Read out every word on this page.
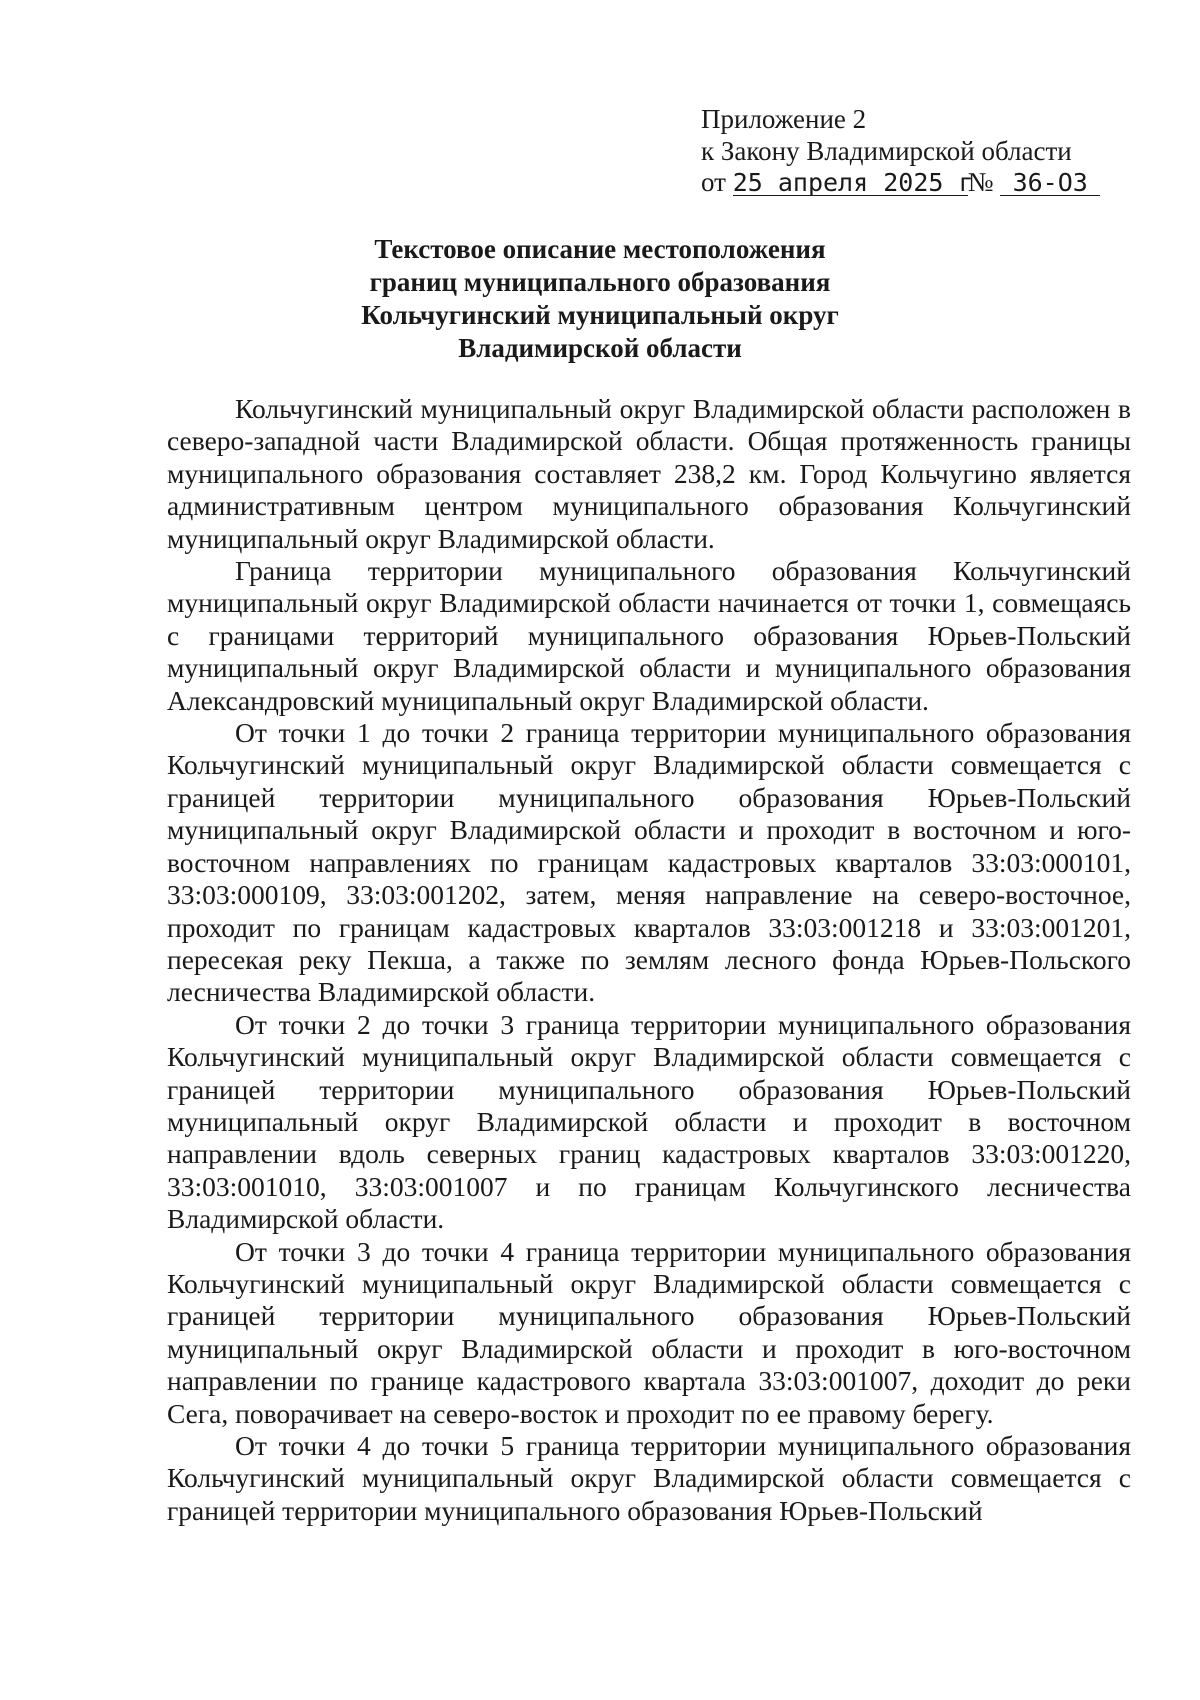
Приложение 2
к Закону Владимирской области
от 25 апреля 2025 г№ 36-ОЗ
Текстовое описание местоположения
границ муниципального образования
Кольчугинский муниципальный округ
Владимирской области

Кольчугинский муниципальный округ Владимирской области расположен в северо-западной части Владимирской области. Общая протяженность границы муниципального образования составляет 238,2 км. Город Кольчугино является административным центром муниципального образования Кольчугинский муниципальный округ Владимирской области.

Граница территории муниципального образования Кольчугинский муниципальный округ Владимирской области начинается от точки 1, совмещаясь с границами территорий муниципального образования Юрьев-Польский муниципальный округ Владимирской области и муниципального образования Александровский муниципальный округ Владимирской области.

От точки 1 до точки 2 граница территории муниципального образования Кольчугинский муниципальный округ Владимирской области совмещается с границей территории муниципального образования Юрьев-Польский муниципальный округ Владимирской области и проходит в восточном и юго-восточном направлениях по границам кадастровых кварталов 33:03:000101, 33:03:000109, 33:03:001202, затем, меняя направление на северо-восточное, проходит по границам кадастровых кварталов 33:03:001218 и 33:03:001201, пересекая реку Пекша, а также по землям лесного фонда Юрьев-Польского лесничества Владимирской области.

От точки 2 до точки 3 граница территории муниципального образования Кольчугинский муниципальный округ Владимирской области совмещается с границей территории муниципального образования Юрьев-Польский муниципальный округ Владимирской области и проходит в восточном направлении вдоль северных границ кадастровых кварталов 33:03:001220, 33:03:001010, 33:03:001007 и по границам Кольчугинского лесничества Владимирской области.

От точки 3 до точки 4 граница территории муниципального образования Кольчугинский муниципальный округ Владимирской области совмещается с границей территории муниципального образования Юрьев-Польский муниципальный округ Владимирской области и проходит в юго-восточном направлении по границе кадастрового квартала 33:03:001007, доходит до реки Сега, поворачивает на северо-восток и проходит по ее правому берегу.

От точки 4 до точки 5 граница территории муниципального образования Кольчугинский муниципальный округ Владимирской области совмещается с границей территории муниципального образования Юрьев-Польский
